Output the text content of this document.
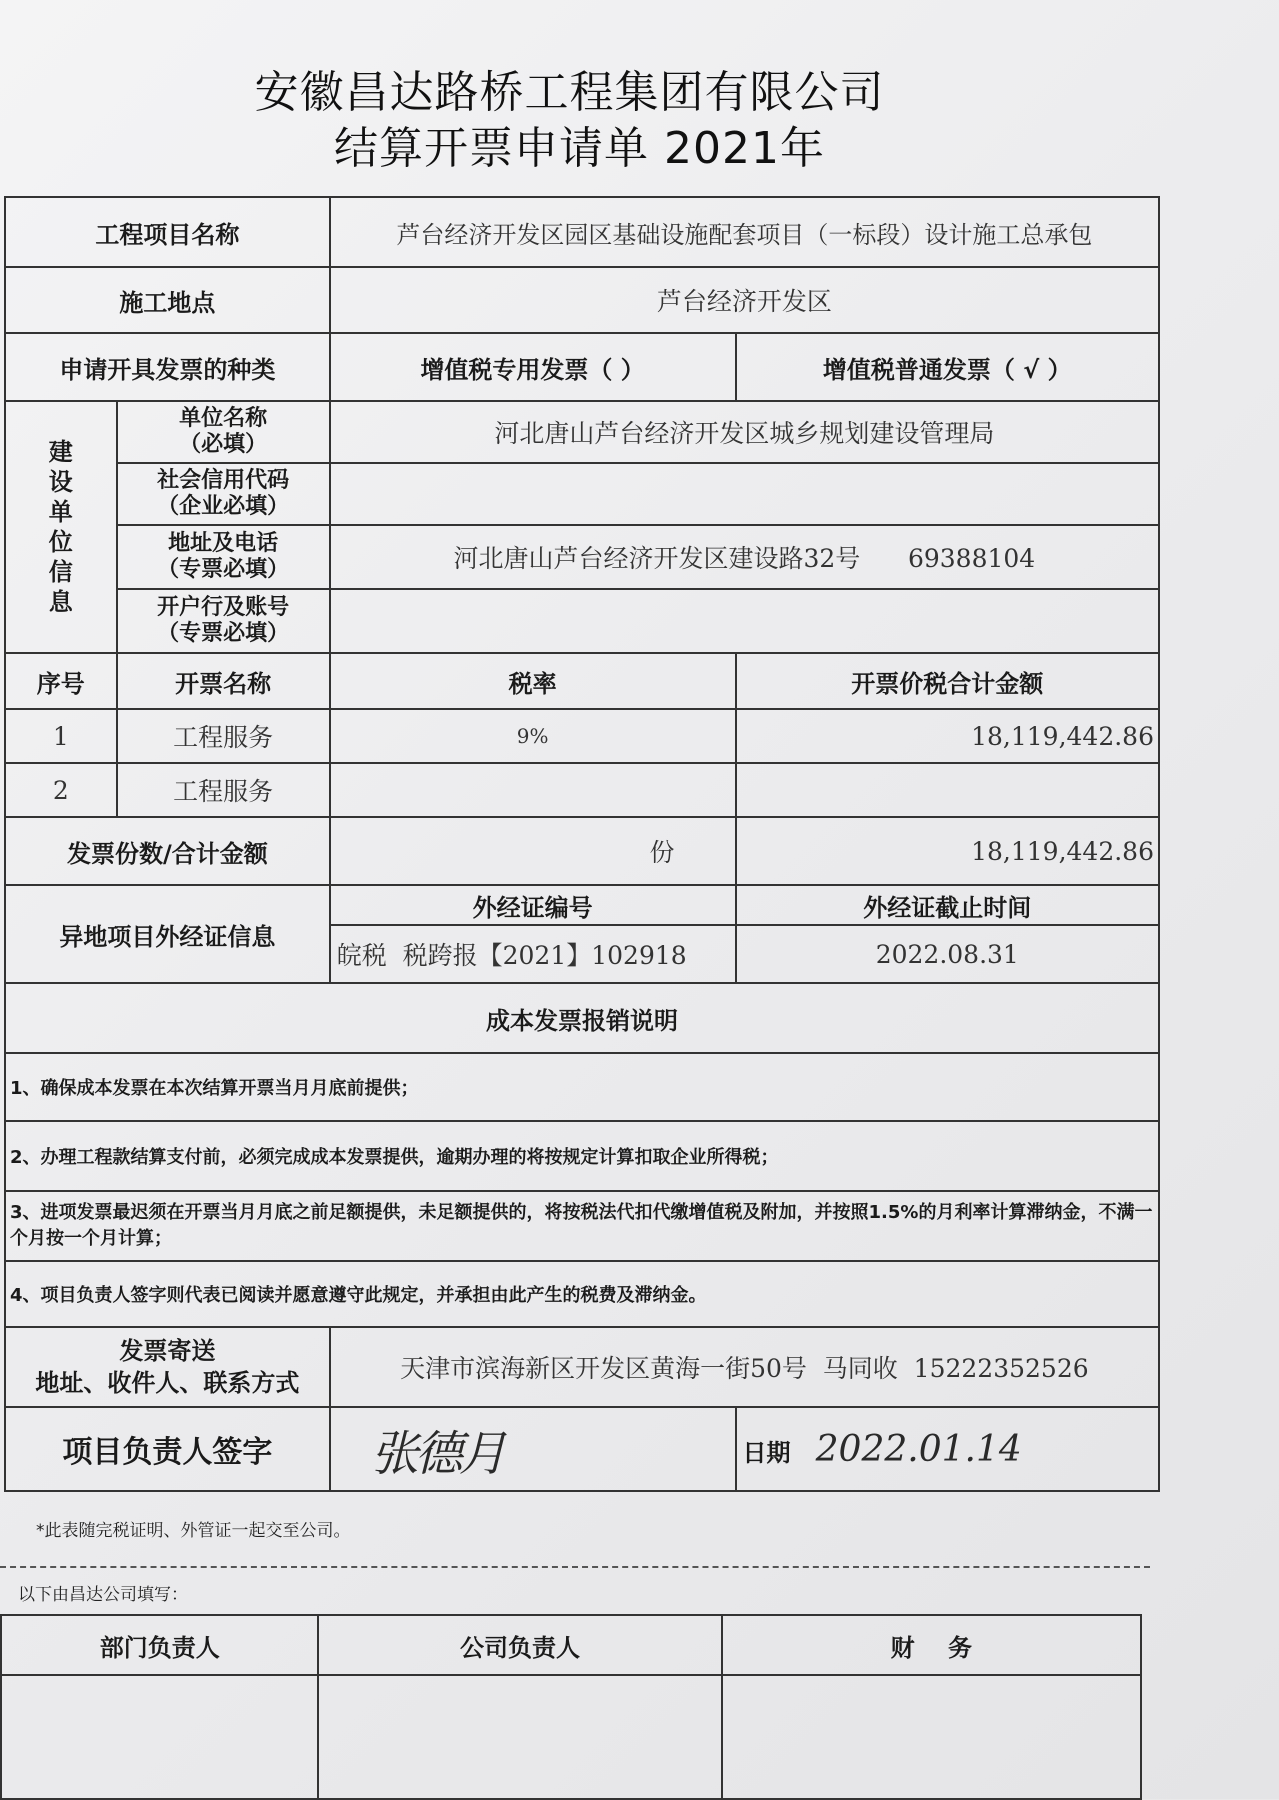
安徽昌达路桥工程集团有限公司
结算开票申请单 2021年
工程项目名称		芦台经济开发区园区基础设施配套项目（一标段）设计施工总承包	
施工地点		芦台经济开发区	
申请开具发票的种类		增值税专用发票（ ）	增值税普通发票（ √ ）
建设单位信息	单位名称
（必填）	河北唐山芦台经济开发区城乡规划建设管理局	
	社会信用代码
（企业必填）		
	地址及电话
（专票必填）	河北唐山芦台经济开发区建设路32号      69388104	
	开户行及账号
（专票必填）		
序号	开票名称	税率	开票价税合计金额
1	工程服务	9%	18,119,442.86
2	工程服务		
发票份数/合计金额		份	18,119,442.86
异地项目外经证信息		外经证编号	外经证截止时间
		皖税  税跨报【2021】102918	2022.08.31
成本发票报销说明			
1、确保成本发票在本次结算开票当月月底前提供；			
2、办理工程款结算支付前，必须完成成本发票提供，逾期办理的将按规定计算扣取企业所得税；			
3、进项发票最迟须在开票当月月底之前足额提供，未足额提供的，将按税法代扣代缴增值税及附加，并按照1.5%的月利率计算滞纳金，不满一个月按一个月计算；			
4、项目负责人签字则代表已阅读并愿意遵守此规定，并承担由此产生的税费及滞纳金。			

发票寄送
地址、收件人、联系方式		天津市滨海新区开发区黄海一街50号  马同收  15222352526	
项目负责人签字		张德月	日期 2022.01.14
*此表随完税证明、外管证一起交至公司。
以下由昌达公司填写：
部门负责人	公司负责人	财    务
